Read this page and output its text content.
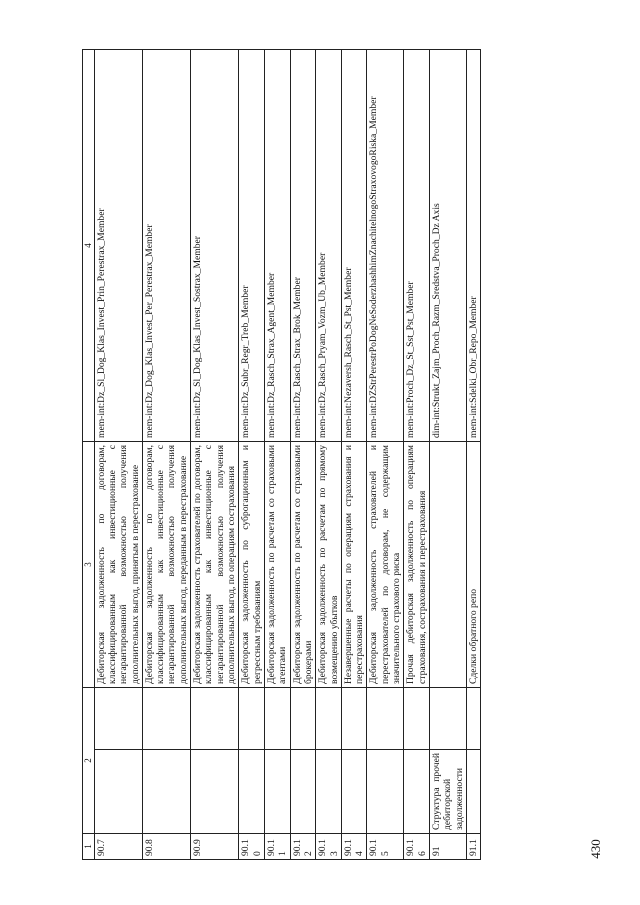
430
1	2		3	4
90.7			Дебиторская задолженность по договорам, классифицированным как инвестиционные с негарантированной возможностью получения дополнительных выгод, принятым в перестрахование	mem-int:Dz_Sl_Dog_Klas_Invest_Prin_Perestrax_Member
90.8			Дебиторская задолженность по договорам, классифицированным как инвестиционные с негарантированной возможностью получения дополнительных выгод, переданным в перестрахование	mem-int:Dz_Dog_Klas_Invest_Per_Perestrax_Member
90.9			Дебиторская задолженность страхователей по договорам, классифицированным как инвестиционные с негарантированной возможностью получения дополнительных выгод, по операциям сострахования	mem-int:Dz_Sl_Dog_Klas_Invest_Sostrax_Member
90.10			Дебиторская задолженность по суброгационным и регрессным требованиям	mem-int:Dz_Subr_Regr_Treb_Member
90.11			Дебиторская задолженность по расчетам со страховыми агентами	mem-int:Dz_Rasch_Strax_Agent_Member
90.12			Дебиторская задолженность по расчетам со страховыми брокерами	mem-int:Dz_Rasch_Strax_Brok_Member
90.13			Дебиторская задолженность по расчетам по прямому возмещению убытков	mem-int:Dz_Rasch_Pryam_Vozm_Ub_Member
90.14			Незавершенные расчеты по операциям страхования и перестрахования	mem-int:Nezaversh_Rasch_St_Pst_Member
90.15			Дебиторская задолженность страхователей и перестрахователей по договорам, не содержащим значительного страхового риска	mem-int:DZStrPerestrPoDogNeSoderzhashhimZnachitelnogoStraxovogoRiska_Member
90.16			Прочая дебиторская задолженность по операциям страхования, сострахования и перестрахования	mem-int:Proch_Dz_St_Sst_Pst_Member
91	Структура прочей дебиторской задолженности			dim-int:Strukt_Zajm_Proch_Razm_Sredstva_Proch_Dz Axis
91.1			Сделки обратного репо	mem-int:Sdelki_Obr_Repo_Member
